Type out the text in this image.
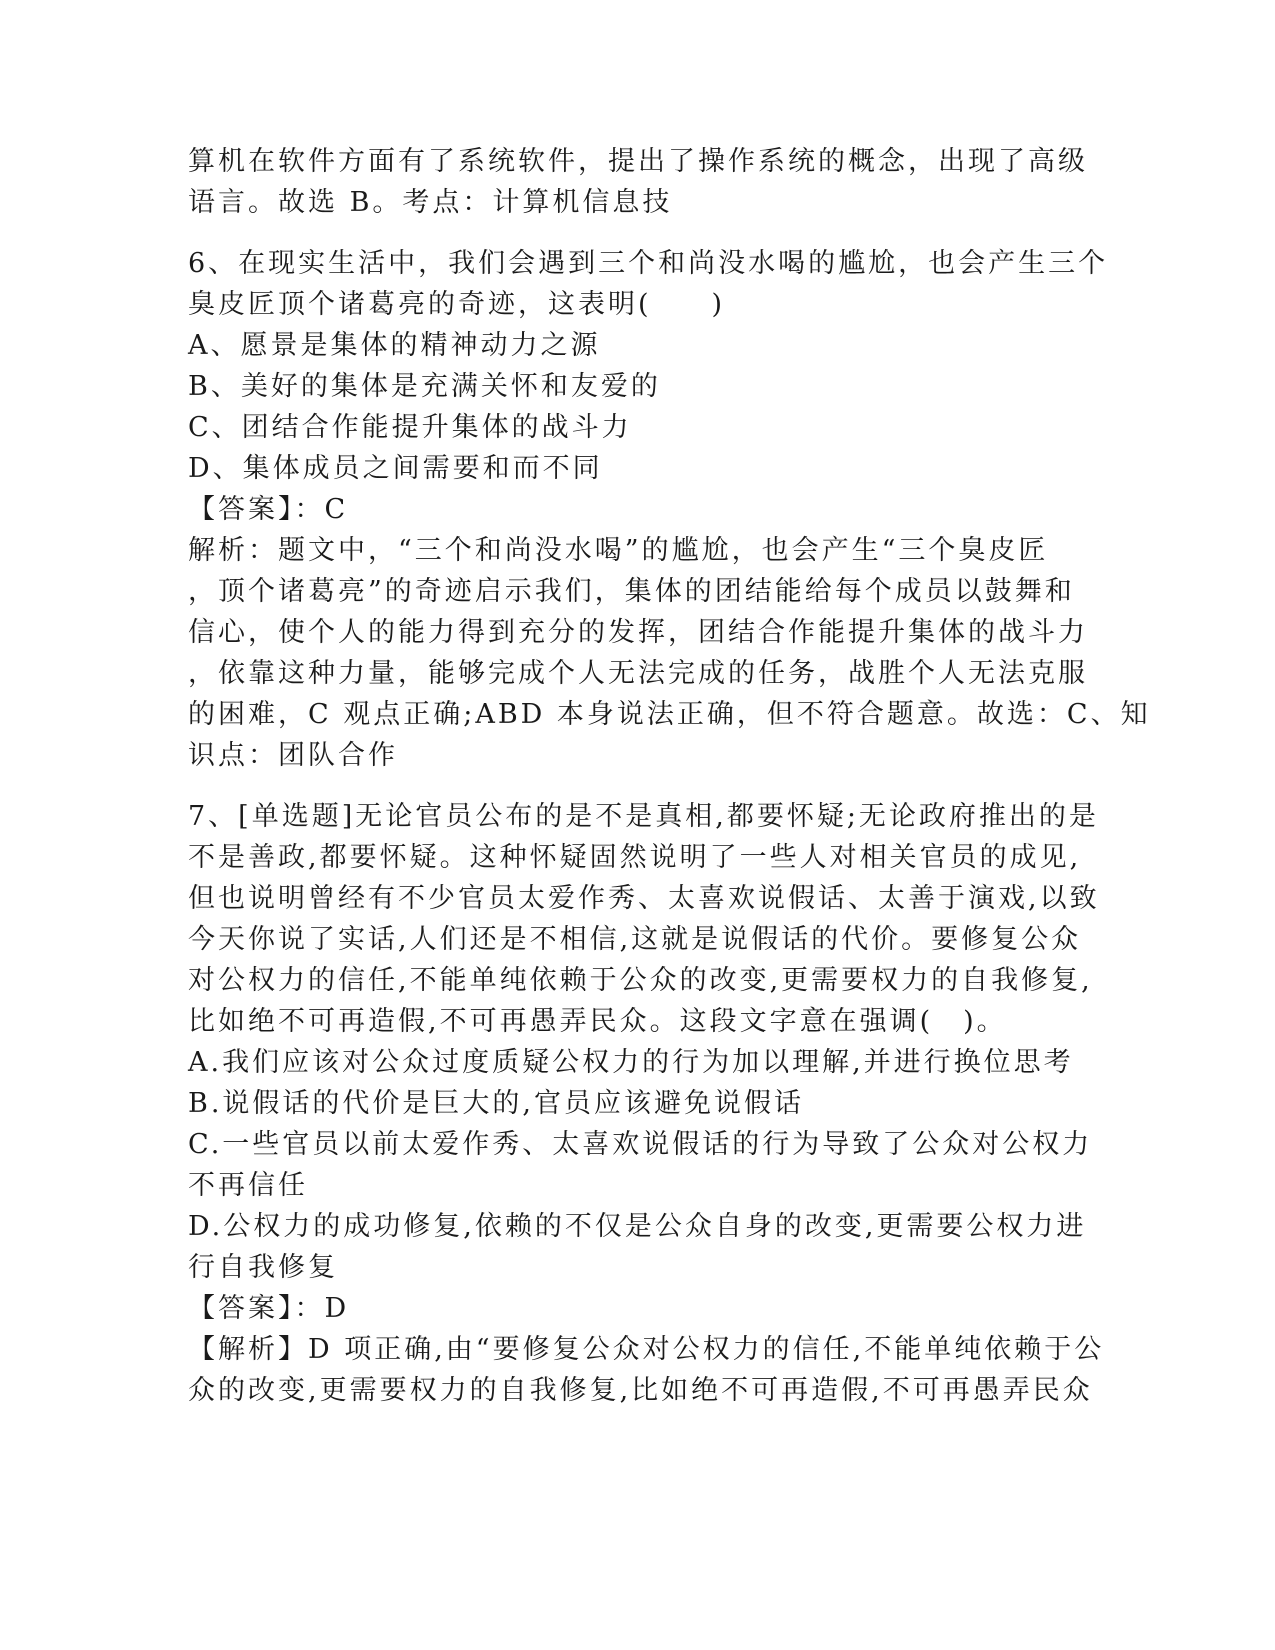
算机在软件方面有了系统软件，提出了操作系统的概念，出现了高级
语言。故选 B。考点：计算机信息技
6、在现实生活中，我们会遇到三个和尚没水喝的尴尬，也会产生三个
臭皮匠顶个诸葛亮的奇迹，这表明(　　)
A、愿景是集体的精神动力之源
B、美好的集体是充满关怀和友爱的
C、团结合作能提升集体的战斗力
D、集体成员之间需要和而不同
【答案】：C
解析：题文中，“三个和尚没水喝”的尴尬，也会产生“三个臭皮匠
，顶个诸葛亮”的奇迹启示我们，集体的团结能给每个成员以鼓舞和
信心，使个人的能力得到充分的发挥，团结合作能提升集体的战斗力
，依靠这种力量，能够完成个人无法完成的任务，战胜个人无法克服
的困难，C 观点正确;ABD 本身说法正确，但不符合题意。故选：C、知
识点：团队合作
7、[单选题]无论官员公布的是不是真相,都要怀疑;无论政府推出的是
不是善政,都要怀疑。这种怀疑固然说明了一些人对相关官员的成见,
但也说明曾经有不少官员太爱作秀、太喜欢说假话、太善于演戏,以致
今天你说了实话,人们还是不相信,这就是说假话的代价。要修复公众
对公权力的信任,不能单纯依赖于公众的改变,更需要权力的自我修复,
比如绝不可再造假,不可再愚弄民众。这段文字意在强调(　)。
A.我们应该对公众过度质疑公权力的行为加以理解,并进行换位思考
B.说假话的代价是巨大的,官员应该避免说假话
C.一些官员以前太爱作秀、太喜欢说假话的行为导致了公众对公权力
不再信任
D.公权力的成功修复,依赖的不仅是公众自身的改变,更需要公权力进
行自我修复
【答案】：D
【解析】D 项正确,由“要修复公众对公权力的信任,不能单纯依赖于公
众的改变,更需要权力的自我修复,比如绝不可再造假,不可再愚弄民众
